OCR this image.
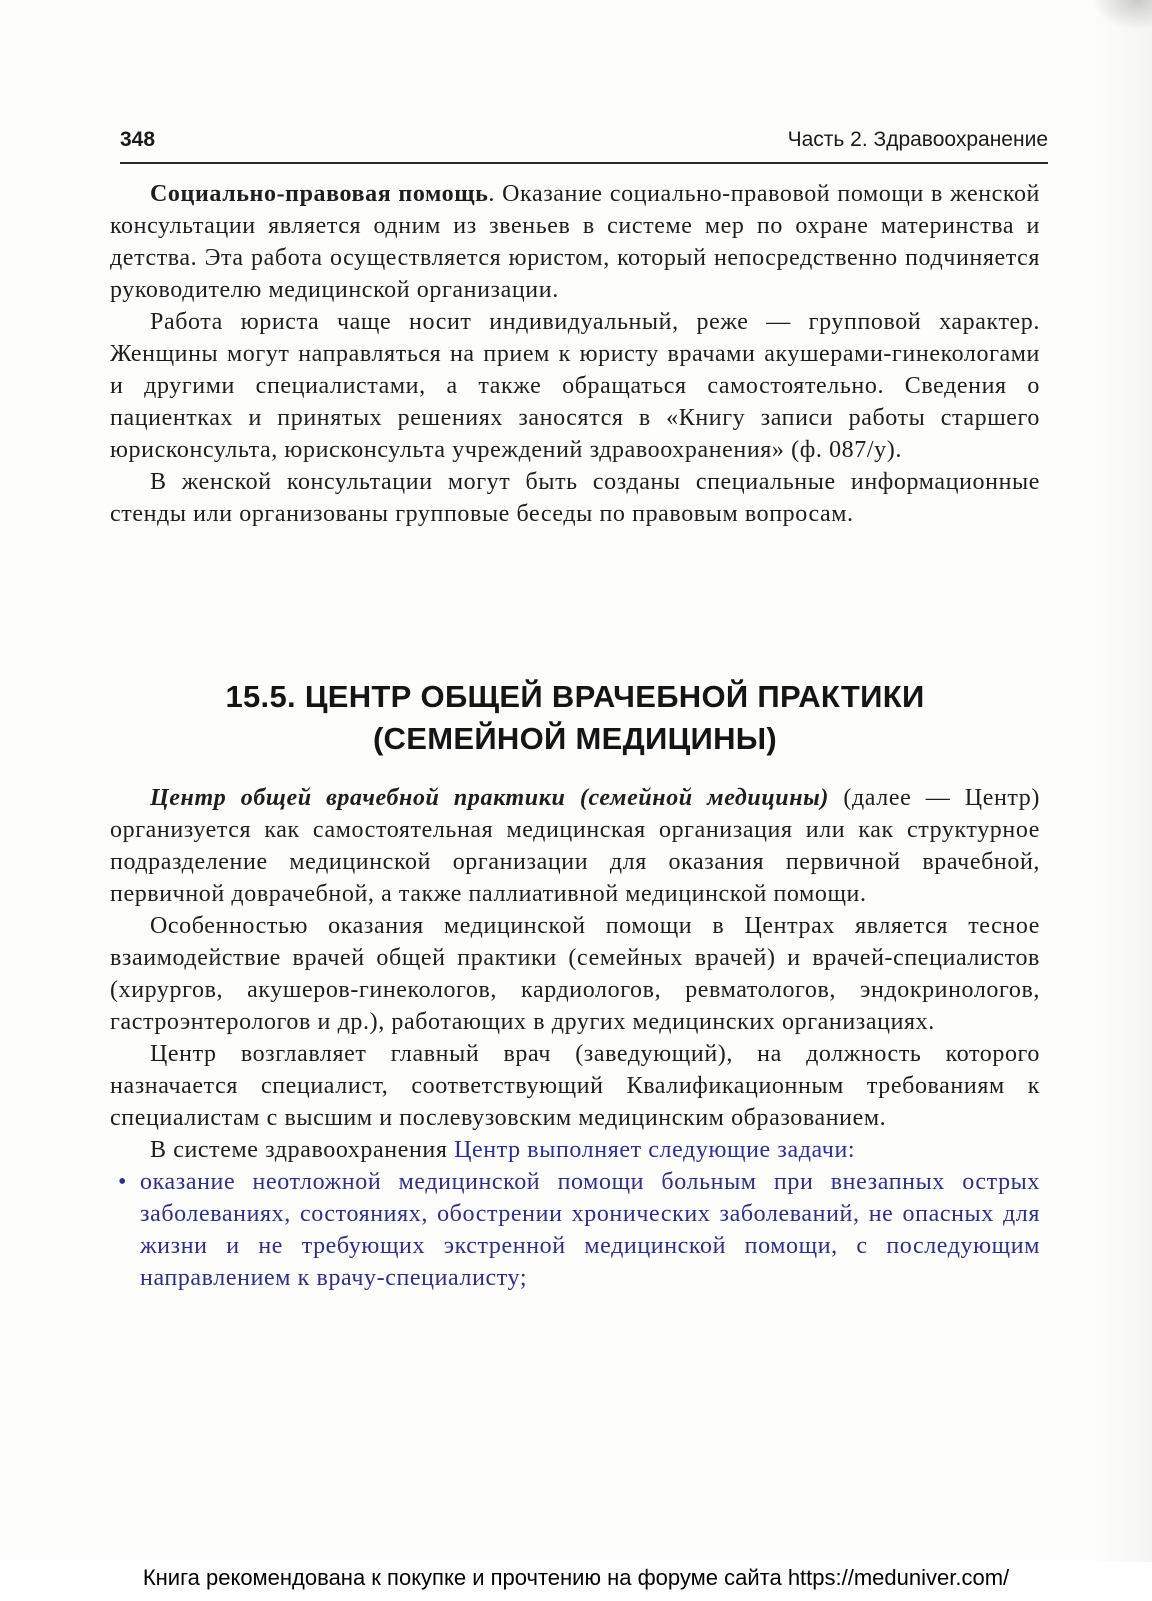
348	Часть 2. Здравоохранение

Социально-правовая помощь. Оказание социально-правовой помощи в женской консультации является одним из звеньев в системе мер по охране материнства и детства. Эта работа осуществляется юристом, который непосредственно подчиняется руководителю медицинской организации.

Работа юриста чаще носит индивидуальный, реже — групповой характер. Женщины могут направляться на прием к юристу врачами акушерами-гинекологами и другими специалистами, а также обращаться самостоятельно. Сведения о пациентках и принятых решениях заносятся в «Книгу записи работы старшего юрисконсульта, юрисконсульта учреждений здравоохранения» (ф. 087/у).

В женской консультации могут быть созданы специальные информационные стенды или организованы групповые беседы по правовым вопросам.

15.5. ЦЕНТР ОБЩЕЙ ВРАЧЕБНОЙ ПРАКТИКИ
(СЕМЕЙНОЙ МЕДИЦИНЫ)

Центр общей врачебной практики (семейной медицины) (далее — Центр) организуется как самостоятельная медицинская организация или как структурное подразделение медицинской организации для оказания первичной врачебной, первичной доврачебной, а также паллиативной медицинской помощи.

Особенностью оказания медицинской помощи в Центрах является тесное взаимодействие врачей общей практики (семейных врачей) и врачей-специалистов (хирургов, акушеров-гинекологов, кардиологов, ревматологов, эндокринологов, гастроэнтерологов и др.), работающих в других медицинских организациях.

Центр возглавляет главный врач (заведующий), на должность которого назначается специалист, соответствующий Квалификационным требованиям к специалистам с высшим и послевузовским медицинским образованием.

В системе здравоохранения Центр выполняет следующие задачи:

• оказание неотложной медицинской помощи больным при внезапных острых заболеваниях, состояниях, обострении хронических заболеваний, не опасных для жизни и не требующих экстренной медицинской помощи, с последующим направлением к врачу-специалисту;
Книга рекомендована к покупке и прочтению на форуме сайта https://meduniver.com/
